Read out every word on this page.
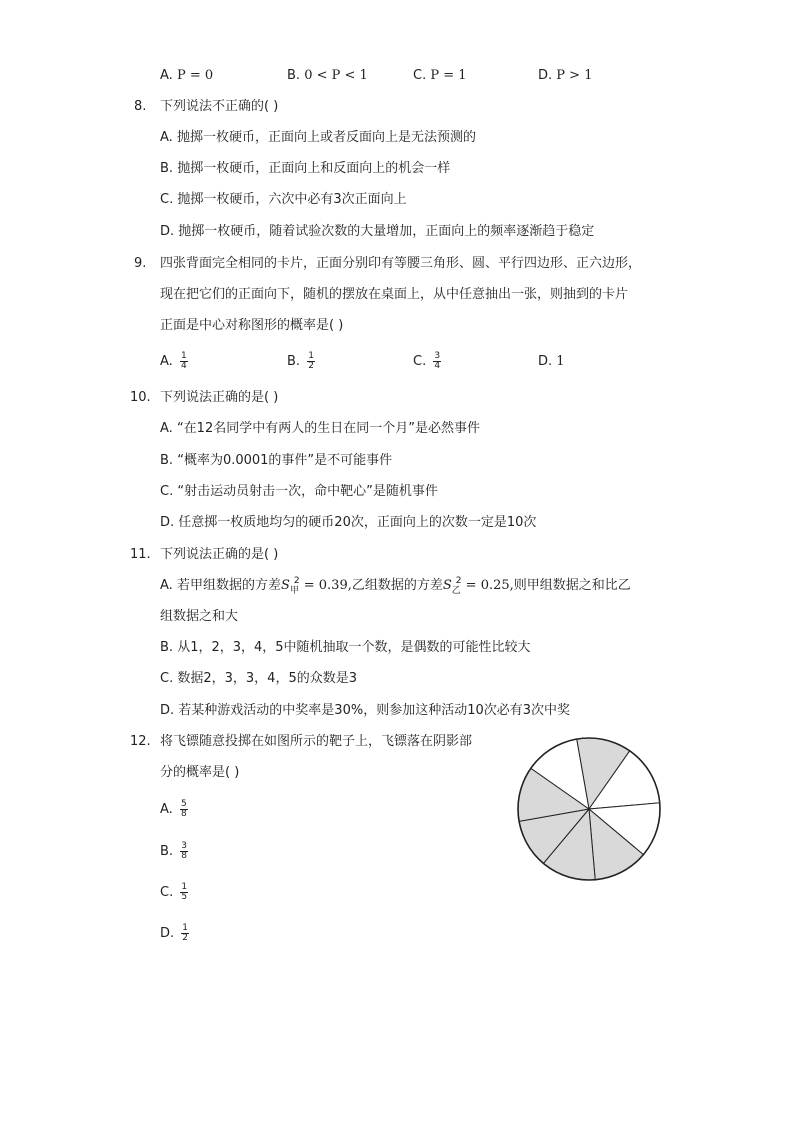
A. P = 0	B. 0 < P < 1	C. P = 1	D. P > 1
8. 下列说法不正确的( )
A. 抛掷一枚硬币，正面向上或者反面向上是无法预测的
B. 抛掷一枚硬币，正面向上和反面向上的机会一样
C. 抛掷一枚硬币，六次中必有3次正面向上
D. 抛掷一枚硬币，随着试验次数的大量增加，正面向上的频率逐渐趋于稳定
9. 四张背面完全相同的卡片，正面分别印有等腰三角形、圆、平行四边形、正六边形，
现在把它们的正面向下，随机的摆放在桌面上，从中任意抽出一张，则抽到的卡片
正面是中心对称图形的概率是( )
A. $\frac{1}{4}$	B. $\frac{1}{2}$	C. $\frac{3}{4}$	D. 1
10. 下列说法正确的是( )
A. “在12名同学中有两人的生日在同一个月”是必然事件
B. “概率为0.0001的事件”是不可能事件
C. “射击运动员射击一次，命中靶心”是随机事件
D. 任意掷一枚质地均匀的硬币20次，正面向上的次数一定是10次
11. 下列说法正确的是( )
A. 若甲组数据的方差$S_甲^2 = 0.39$,乙组数据的方差$S_乙^2 = 0.25$,则甲组数据之和比乙
组数据之和大
B. 从1，2，3，4，5中随机抽取一个数，是偶数的可能性比较大
C. 数据2，3，3，4，5的众数是3
D. 若某种游戏活动的中奖率是30%，则参加这种活动10次必有3次中奖
12. 将飞镖随意投掷在如图所示的靶子上，飞镖落在阴影部
分的概率是( )
A. $\frac{5}{8}$
B. $\frac{3}{8}$
C. $\frac{1}{5}$
D. $\frac{1}{2}$
